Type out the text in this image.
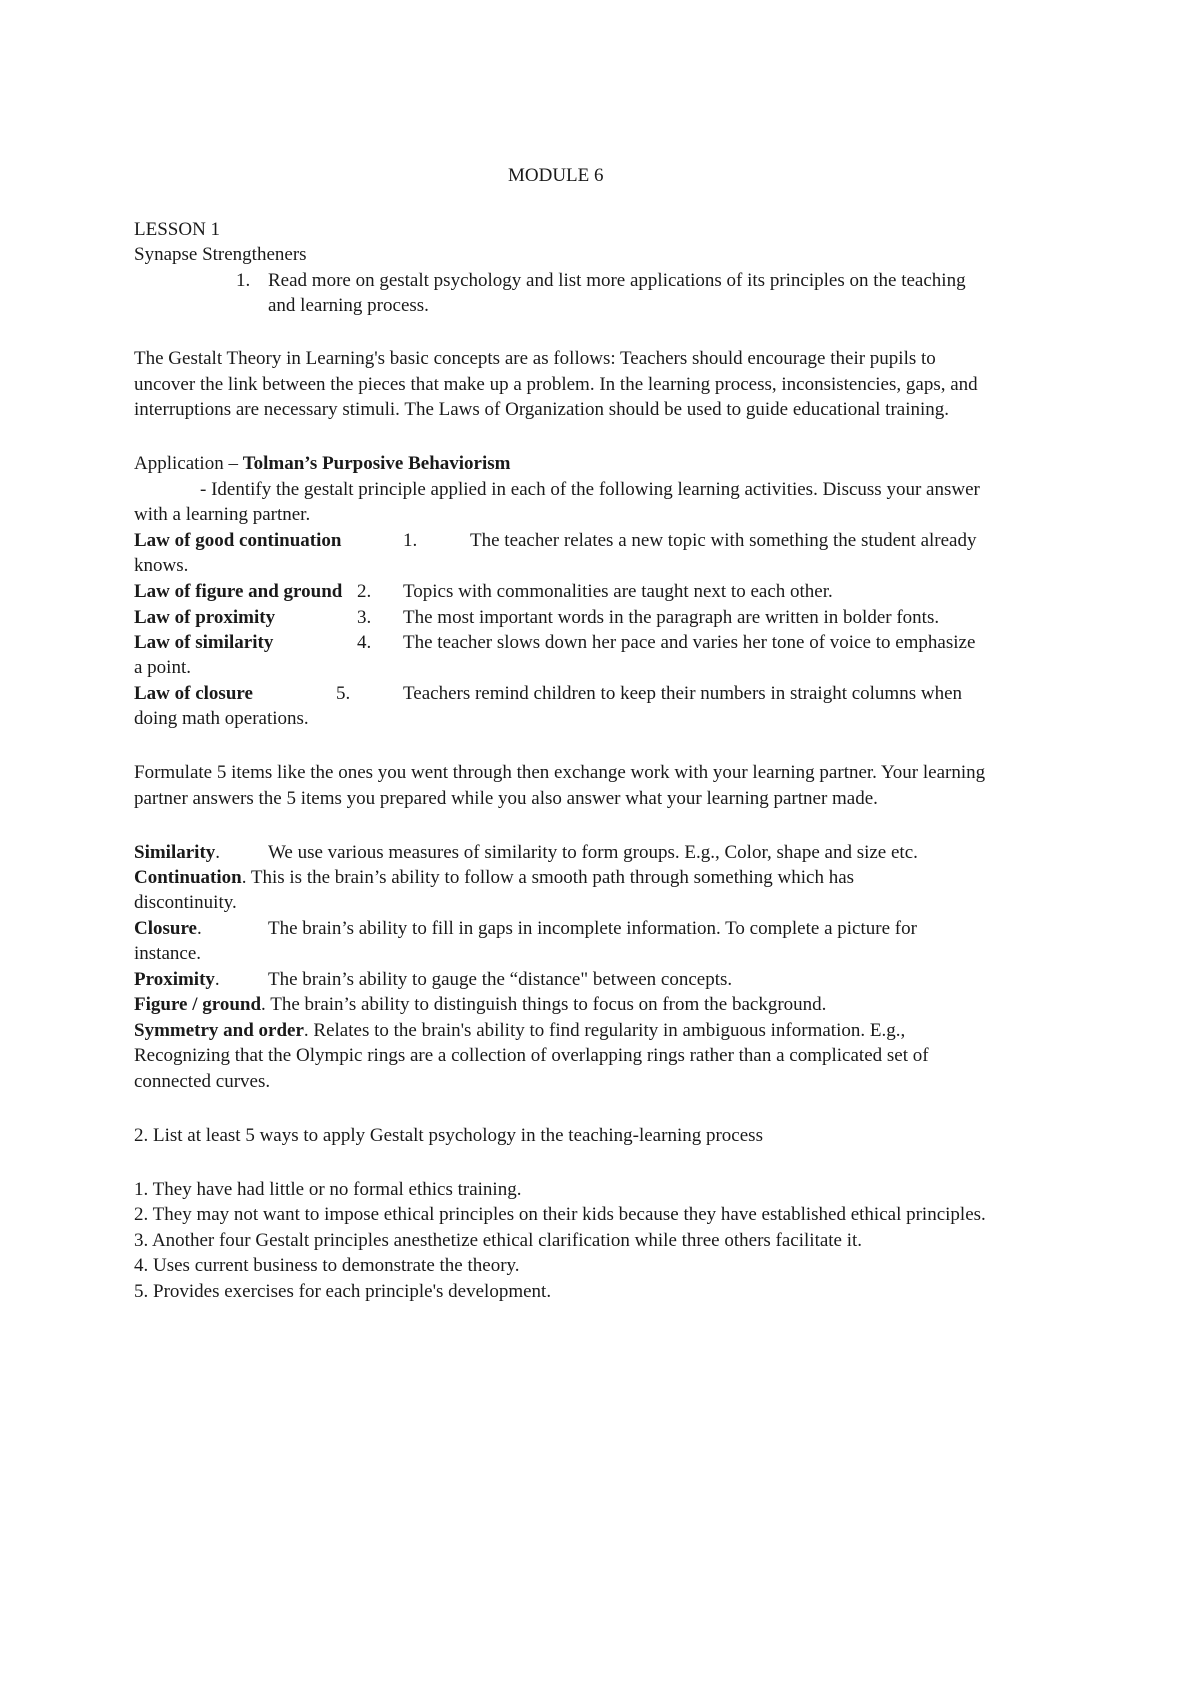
MODULE 6
LESSON 1
Synapse Strengtheners
1. Read more on gestalt psychology and list more applications of its principles on the teaching
and learning process.
The Gestalt Theory in Learning's basic concepts are as follows: Teachers should encourage their pupils to
uncover the link between the pieces that make up a problem. In the learning process, inconsistencies, gaps, and
interruptions are necessary stimuli. The Laws of Organization should be used to guide educational training.
Application – Tolman’s Purposive Behaviorism
- Identify the gestalt principle applied in each of the following learning activities. Discuss your answer
with a learning partner.
Law of good continuation	1.	The teacher relates a new topic with something the student already
knows.
Law of figure and ground 2. Topics with commonalities are taught next to each other.
Law of proximity	3. The most important words in the paragraph are written in bolder fonts.
Law of similarity	4. The teacher slows down her pace and varies her tone of voice to emphasize
a point.
Law of closure	5.	Teachers remind children to keep their numbers in straight columns when
doing math operations.
Formulate 5 items like the ones you went through then exchange work with your learning partner. Your learning
partner answers the 5 items you prepared while you also answer what your learning partner made.
Similarity.	We use various measures of similarity to form groups. E.g., Color, shape and size etc.
Continuation. This is the brain’s ability to follow a smooth path through something which has
discontinuity.
Closure.	The brain’s ability to fill in gaps in incomplete information. To complete a picture for
instance.
Proximity.	The brain’s ability to gauge the “distance" between concepts.
Figure / ground. The brain’s ability to distinguish things to focus on from the background.
Symmetry and order. Relates to the brain's ability to find regularity in ambiguous information. E.g.,
Recognizing that the Olympic rings are a collection of overlapping rings rather than a complicated set of
connected curves.
2. List at least 5 ways to apply Gestalt psychology in the teaching-learning process
1. They have had little or no formal ethics training.
2. They may not want to impose ethical principles on their kids because they have established ethical principles.
3. Another four Gestalt principles anesthetize ethical clarification while three others facilitate it.
4. Uses current business to demonstrate the theory.
5. Provides exercises for each principle's development.
